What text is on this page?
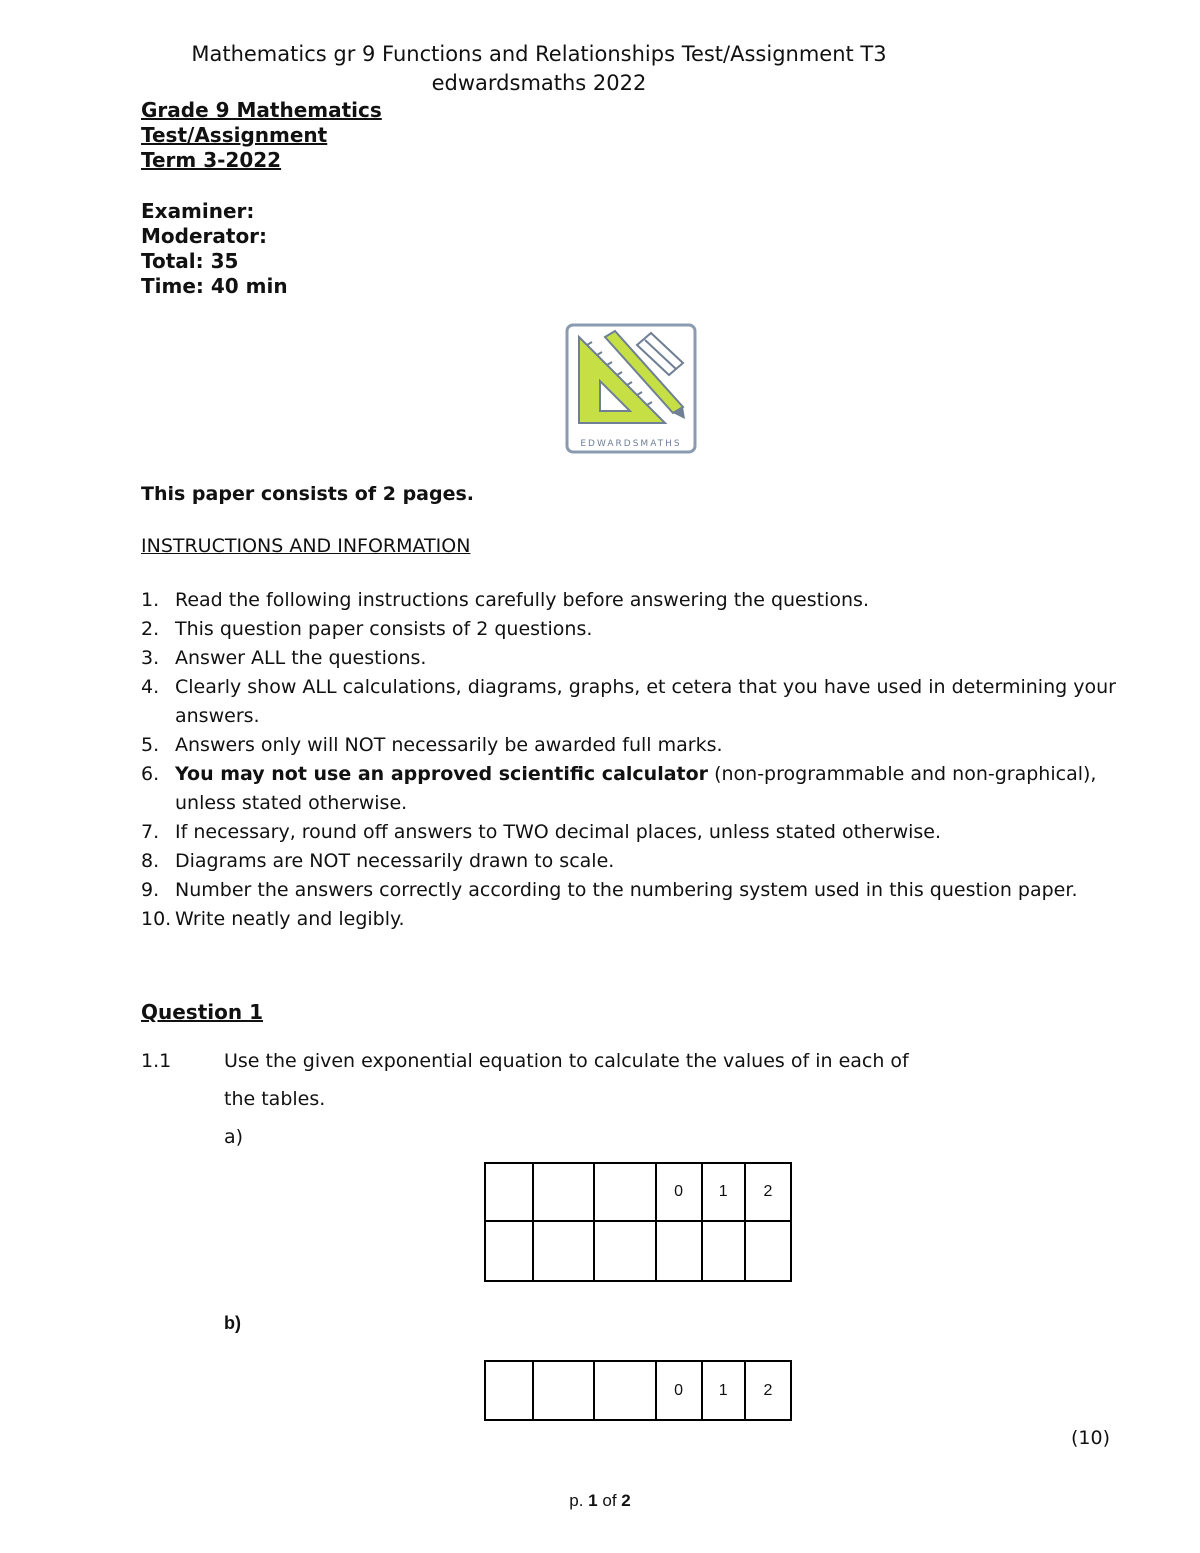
Mathematics gr 9 Functions and Relationships Test/Assignment T3
edwardsmaths 2022
Grade 9 Mathematics
Test/Assignment
Term 3-2022
Examiner:
Moderator:
Total: 35
Time: 40 min
EDWARDSMATHS
This paper consists of 2 pages.
INSTRUCTIONS AND INFORMATION
1. Read the following instructions carefully before answering the questions.
2. This question paper consists of 2 questions.
3. Answer ALL the questions.
4. Clearly show ALL calculations, diagrams, graphs, et cetera that you have used in determining your answers.
5. Answers only will NOT necessarily be awarded full marks.
6. You may not use an approved scientific calculator (non-programmable and non-graphical), unless stated otherwise.
7. If necessary, round off answers to TWO decimal places, unless stated otherwise.
8. Diagrams are NOT necessarily drawn to scale.
9. Number the answers correctly according to the numbering system used in this question paper.
10. Write neatly and legibly.
Question 1
1.1	Use the given exponential equation to calculate the values of in each of
the tables.
a)
			0	1	2

b)
			0	1	2
(10)
p. 1 of 2
